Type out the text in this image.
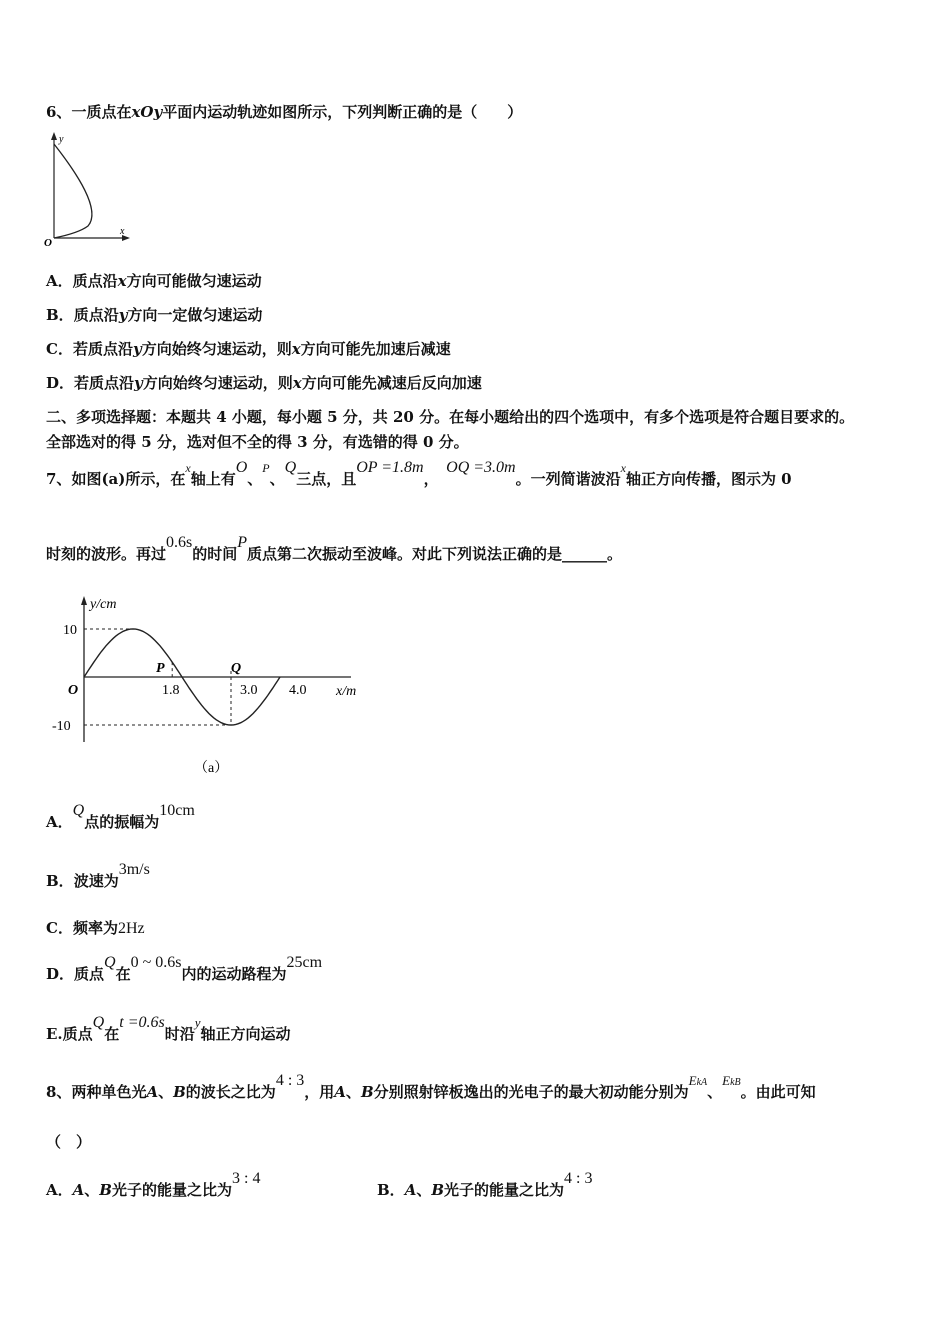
6、一质点在xOy平面内运动轨迹如图所示，下列判断正确的是（　　）
y
x
O
A．质点沿x方向可能做匀速运动
B．质点沿y方向一定做匀速运动
C．若质点沿y方向始终匀速运动，则x方向可能先加速后减速
D．若质点沿y方向始终匀速运动，则x方向可能先减速后反向加速
二、多项选择题：本题共 4 小题，每小题 5 分，共 20 分。在每小题给出的四个选项中，有多个选项是符合题目要求的。
全部选对的得 5 分，选对但不全的得 3 分，有选错的得 0 分。
7、如图(a)所示，在$^x$轴上有O、$^P$、Q三点，且OP =1.8m，　OQ =3.0m。一列简谐波沿$^x$轴正方向传播，图示为 0
时刻的波形。再过0.6s的时间P质点第二次振动至波峰。对此下列说法正确的是______。
y/cm
x/m
O
10
-10
1.8	3.0 4.0
P	Q
（a）
A．Q点的振幅为10cm
B．波速为3m/s
C．频率为2Hz
D．质点Q在0 ~ 0.6s内的运动路程为25cm
E.质点Q在t =0.6s时沿y轴正方向运动
8、两种单色光A、B的波长之比为4 : 3，用A、B分别照射锌板逸出的光电子的最大初动能分别为EkA、EkB。由此可知
（　）
A．A、B光子的能量之比为3 : 4
B．A、B光子的能量之比为4 : 3
